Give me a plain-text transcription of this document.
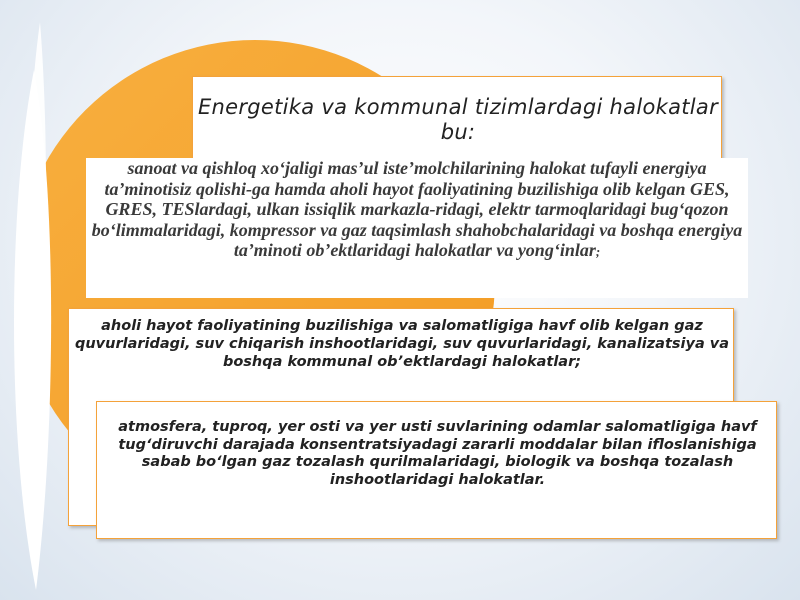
Energetika va kommunal tizimlardagi halokatlar bu:
aholi hayot faoliyatining buzilishiga va salomatligiga havf olib kelgan gaz quvurlaridagi, suv chiqarish inshootlaridagi, suv quvurlaridagi, kanalizatsiya va boshqa kommunal ob’ektlardagi halokatlar;
sanoat va qishloq xo‘jaligi mas’ul iste’molchilarining halokat tufayli energiya ta’minotisiz qolishi-ga hamda aholi hayot faoliyatining buzilishiga olib kelgan GES, GRES, TESlardagi, ulkan issiqlik markazla-ridagi, elektr tarmoqlaridagi bug‘qozon bo‘limmalaridagi, kompressor va gaz taqsimlash shahobchalaridagi va boshqa energiya ta’minoti ob’ektlaridagi halokatlar va yong‘inlar;
atmosfera, tuproq, yer osti va yer usti suvlarining odamlar salomatligiga havf tug‘diruvchi darajada konsentratsiyadagi zararli moddalar bilan ifloslanishiga sabab bo‘lgan gaz tozalash qurilmalaridagi, biologik va boshqa tozalash inshootlaridagi halokatlar.
